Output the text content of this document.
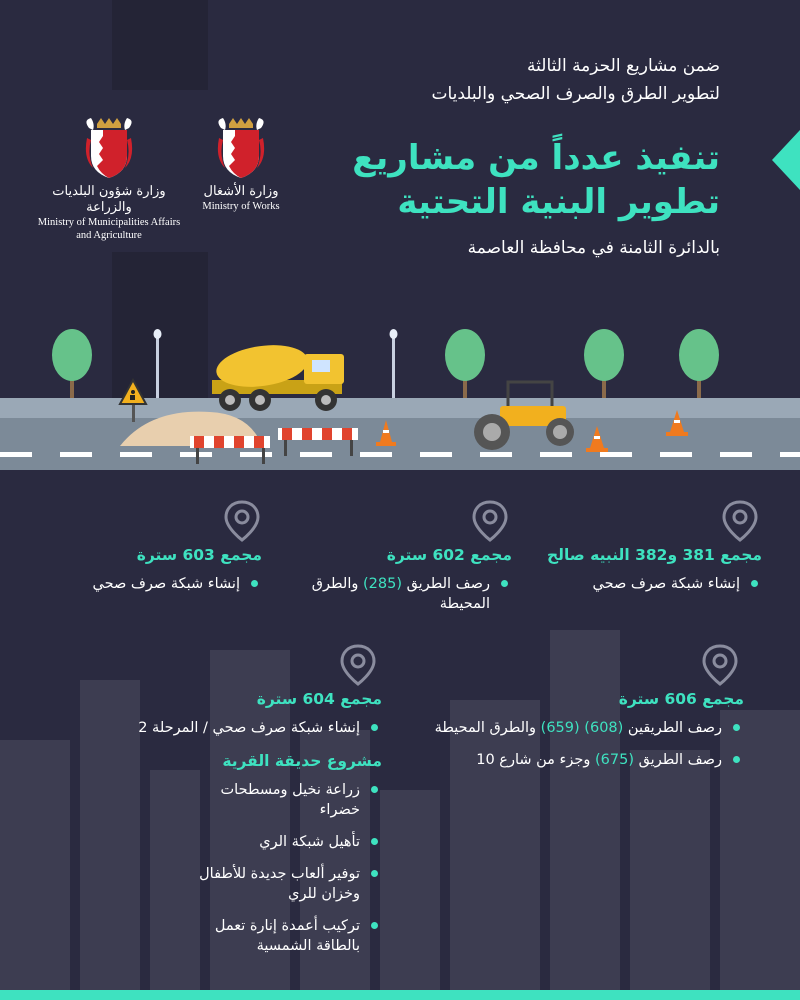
وزارة الأشغال
Ministry of Works
وزارة شؤون البلديات والزراعة
Ministry of Municipalities Affairs
and Agriculture
ضمن مشاريع الحزمة الثالثة
لتطوير الطرق والصرف الصحي والبلديات
تنفيذ عدداً من مشاريع
تطوير البنية التحتية
بالدائرة الثامنة في محافظة العاصمة
مجمع 381 و382 النبيه صالح
إنشاء شبكة صرف صحي
مجمع 602 سترة
رصف الطريق (285) والطرق المحيطة
مجمع 603 سترة
إنشاء شبكة صرف صحي
مجمع 606 سترة
رصف الطريقين (608) (659) والطرق المحيطة
رصف الطريق (675) وجزء من شارع 10
مجمع 604 سترة
إنشاء شبكة صرف صحي / المرحلة 2
مشروع حديقة القرية
زراعة نخيل ومسطحات خضراء
تأهيل شبكة الري
توفير ألعاب جديدة للأطفال وخزان للري
تركيب أعمدة إنارة تعمل بالطاقة الشمسية
